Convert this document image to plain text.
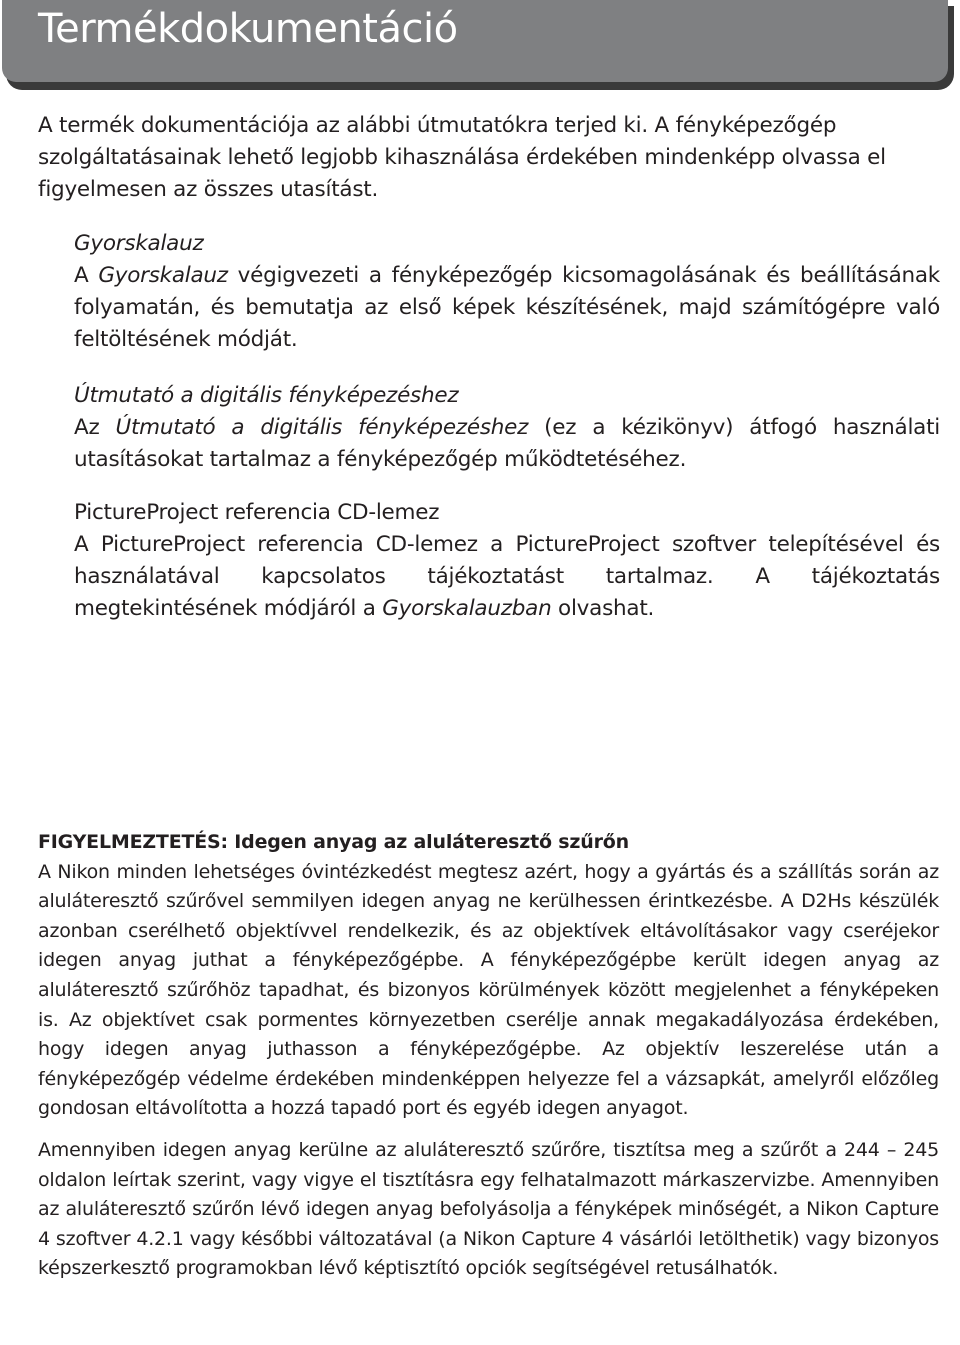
Termékdokumentáció

A termék dokumentációja az alábbi útmutatókra terjed ki. A fényképezőgép szolgáltatásainak lehető legjobb kihasználása érdekében mindenképp olvassa el figyelmesen az összes utasítást.

Gyorskalauz

A Gyorskalauz végigvezeti a fényképezőgép kicsomagolásának és beállításának folyamatán, és bemutatja az első képek készítésének, majd számítógépre való feltöltésének módját.

Útmutató a digitális fényképezéshez

Az Útmutató a digitális fényképezéshez (ez a kézikönyv) átfogó használati utasításokat tartalmaz a fényképezőgép működtetéséhez.

PictureProject referencia CD-lemez

A PictureProject referencia CD-lemez a PictureProject szoftver telepítésével és használatával kapcsolatos tájékoztatást tartalmaz. A tájékoztatás megtekintésének módjáról a Gyorskalauzban olvashat.

FIGYELMEZTETÉS: Idegen anyag az aluláteresztő szűrőn

A Nikon minden lehetséges óvintézkedést megtesz azért, hogy a gyártás és a szállítás során az aluláteresztő szűrővel semmilyen idegen anyag ne kerülhessen érintkezésbe. A D2Hs készülék azonban cserélhető objektívvel rendelkezik, és az objektívek eltávolításakor vagy cseréjekor idegen anyag juthat a fényképezőgépbe. A fényképezőgépbe került idegen anyag az aluláteresztő szűrőhöz tapadhat, és bizonyos körülmények között megjelenhet a fényképeken is. Az objektívet csak pormentes környezetben cserélje annak megakadályozása érdekében, hogy idegen anyag juthasson a fényképezőgépbe. Az objektív leszerelése után a fényképezőgép védelme érdekében mindenképpen helyezze fel a vázsapkát, amelyről előzőleg gondosan eltávolította a hozzá tapadó port és egyéb idegen anyagot.

Amennyiben idegen anyag kerülne az aluláteresztő szűrőre, tisztítsa meg a szűrőt a 244 – 245 oldalon leírtak szerint, vagy vigye el tisztításra egy felhatalmazott márkaszervizbe. Amennyiben az aluláteresztő szűrőn lévő idegen anyag befolyásolja a fényképek minőségét, a Nikon Capture 4 szoftver 4.2.1 vagy későbbi változatával (a Nikon Capture 4 vásárlói letölthetik) vagy bizonyos képszerkesztő programokban lévő képtisztító opciók segítségével retusálhatók.
